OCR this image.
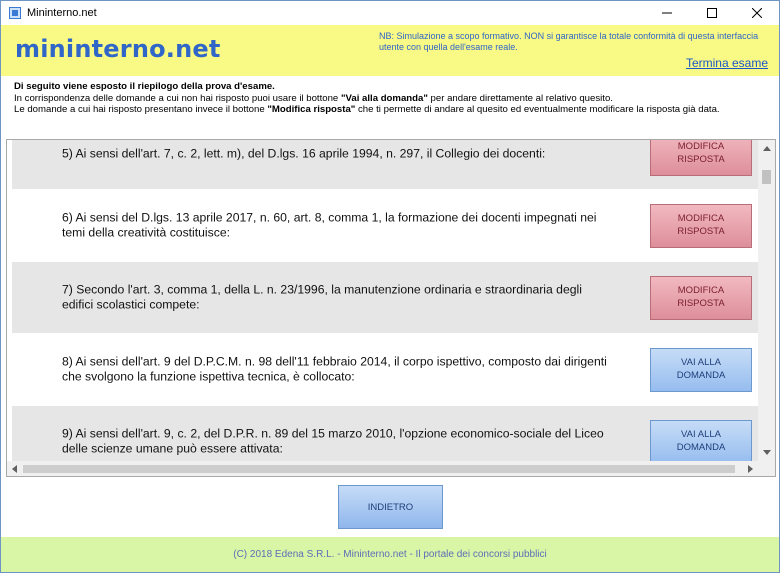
Mininterno.net
mininterno.net	NB: Simulazione a scopo formativo. NON si garantisce la totale conformità di questa interfaccia utente con quella dell'esame reale.
Termina esame
Di seguito viene esposto il riepilogo della prova d'esame.
In corrispondenza delle domande a cui non hai risposto puoi usare il bottone "Vai alla domanda" per andare direttamente al relativo quesito.
Le domande a cui hai risposto presentano invece il bottone "Modifica risposta" che ti permette di andare al quesito ed eventualmente modificare la risposta già data.
5) Ai sensi dell'art. 7, c. 2, lett. m), del D.lgs. 16 aprile 1994, n. 297, il Collegio dei docenti:	MODIFICA
RISPOSTA
6) Ai sensi del D.lgs. 13 aprile 2017, n. 60, art. 8, comma 1, la formazione dei docenti impegnati nei temi della creatività costituisce:
MODIFICA
RISPOSTA
7) Secondo l'art. 3, comma 1, della L. n. 23/1996, la manutenzione ordinaria e straordinaria degli edifici scolastici compete:
MODIFICA
RISPOSTA
8) Ai sensi dell'art. 9 del D.P.C.M. n. 98 dell'11 febbraio 2014, il corpo ispettivo, composto dai dirigenti che svolgono la funzione ispettiva tecnica, è collocato:
VAI ALLA
DOMANDA
9) Ai sensi dell'art. 9, c. 2, del D.P.R. n. 89 del 15 marzo 2010, l'opzione economico-sociale del Liceo delle scienze umane può essere attivata:
VAI ALLA
DOMANDA
INDIETRO
(C) 2018 Edena S.R.L. - Mininterno.net - Il portale dei concorsi pubblici
